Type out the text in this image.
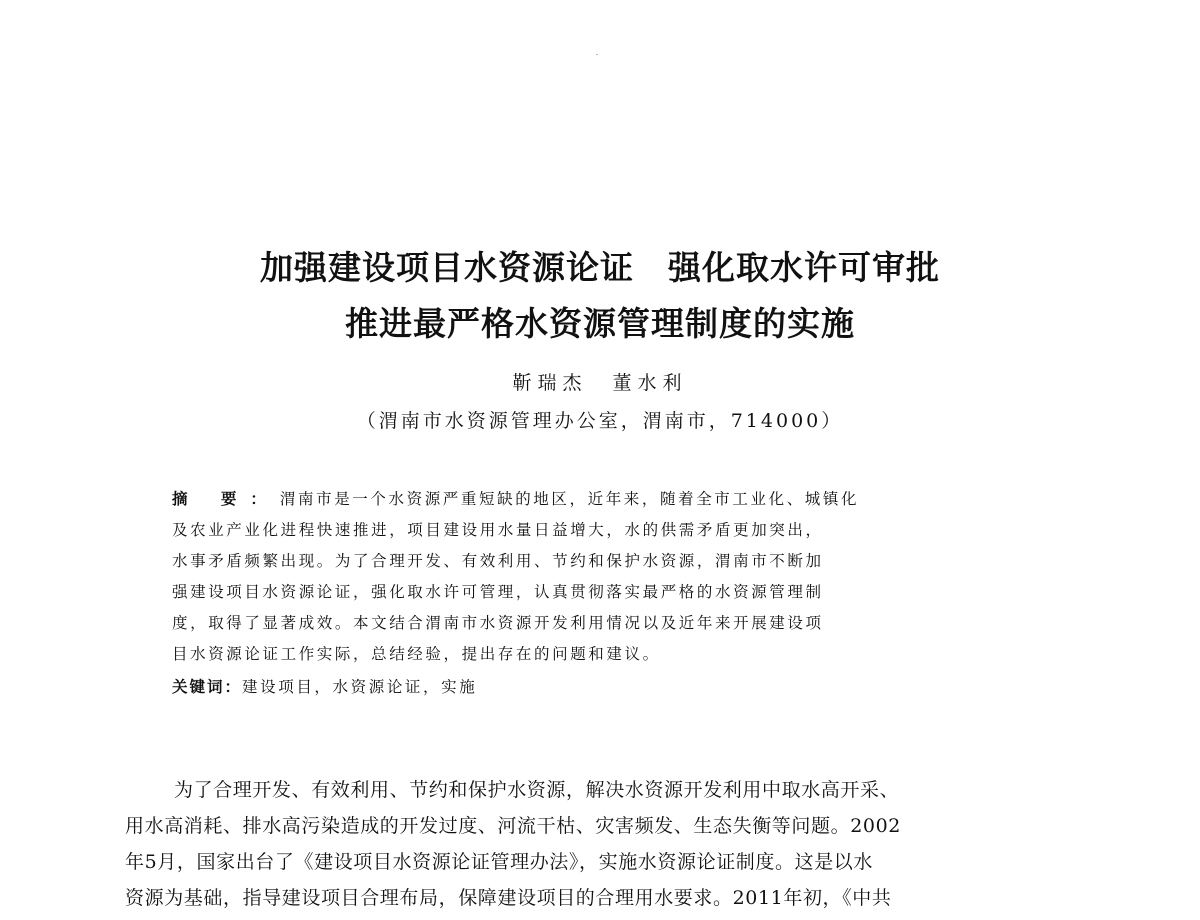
加强建设项目水资源论证　强化取水许可审批
推进最严格水资源管理制度的实施
靳瑞杰　董水利
（渭南市水资源管理办公室，渭南市，714000）
摘 要：渭南市是一个水资源严重短缺的地区，近年来，随着全市工业化、城镇化
及农业产业化进程快速推进，项目建设用水量日益增大，水的供需矛盾更加突出，
水事矛盾频繁出现。为了合理开发、有效利用、节约和保护水资源，渭南市不断加
强建设项目水资源论证，强化取水许可管理，认真贯彻落实最严格的水资源管理制
度，取得了显著成效。本文结合渭南市水资源开发利用情况以及近年来开展建设项
目水资源论证工作实际，总结经验，提出存在的问题和建议。
关键词：建设项目，水资源论证，实施
为了合理开发、有效利用、节约和保护水资源，解决水资源开发利用中取水高开采、
用水高消耗、排水高污染造成的开发过度、河流干枯、灾害频发、生态失衡等问题。2002
年5月，国家出台了《建设项目水资源论证管理办法》，实施水资源论证制度。这是以水
资源为基础，指导建设项目合理布局，保障建设项目的合理用水要求。2011年初，《中共
